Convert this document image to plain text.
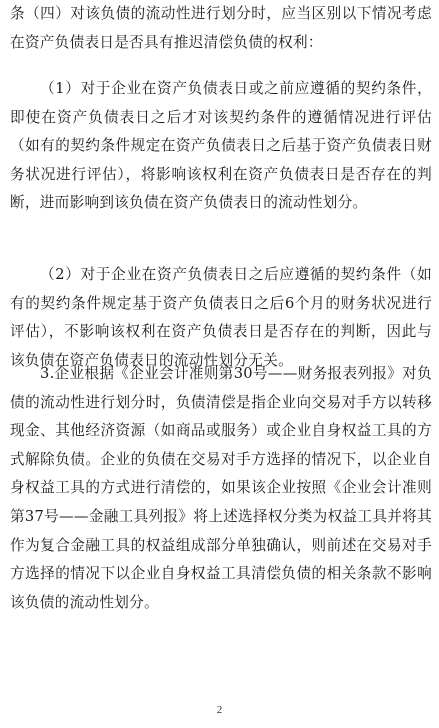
条（四）对该负债的流动性进行划分时，应当区别以下情况考虑在资产负债表日是否具有推迟清偿负债的权利：

（1）对于企业在资产负债表日或之前应遵循的契约条件，即使在资产负债表日之后才对该契约条件的遵循情况进行评估（如有的契约条件规定在资产负债表日之后基于资产负债表日财务状况进行评估），将影响该权利在资产负债表日是否存在的判断，进而影响到该负债在资产负债表日的流动性划分。

（2）对于企业在资产负债表日之后应遵循的契约条件（如有的契约条件规定基于资产负债表日之后6个月的财务状况进行评估），不影响该权利在资产负债表日是否存在的判断，因此与该负债在资产负债表日的流动性划分无关。

3.企业根据《企业会计准则第30号——财务报表列报》对负债的流动性进行划分时，负债清偿是指企业向交易对手方以转移现金、其他经济资源（如商品或服务）或企业自身权益工具的方式解除负债。企业的负债在交易对手方选择的情况下，以企业自身权益工具的方式进行清偿的，如果该企业按照《企业会计准则第37号——金融工具列报》将上述选择权分类为权益工具并将其作为复合金融工具的权益组成部分单独确认，则前述在交易对手方选择的情况下以企业自身权益工具清偿负债的相关条款不影响该负债的流动性划分。

2
